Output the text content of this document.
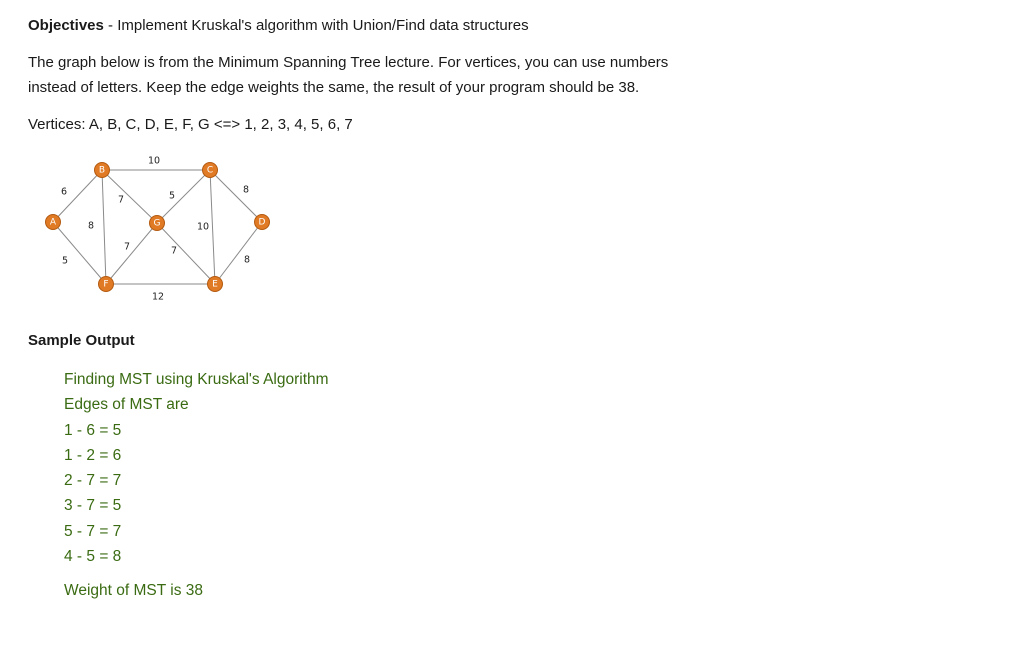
Objectives - Implement Kruskal's algorithm with Union/Find data structures
The graph below is from the Minimum Spanning Tree lecture. For vertices, you can use numbers
instead of letters. Keep the edge weights the same, the result of your program should be 38.
Vertices: A, B, C, D, E, F, G <=> 1, 2, 3, 4, 5, 6, 7
10
6
7	5
8
8	10
7	7
5	8
12
A
B	C
D
E
F
G
Sample Output
Finding MST using Kruskal's Algorithm
Edges of MST are
1 - 6 = 5
1 - 2 = 6
2 - 7 = 7
3 - 7 = 5
5 - 7 = 7
4 - 5 = 8
Weight of MST is 38
